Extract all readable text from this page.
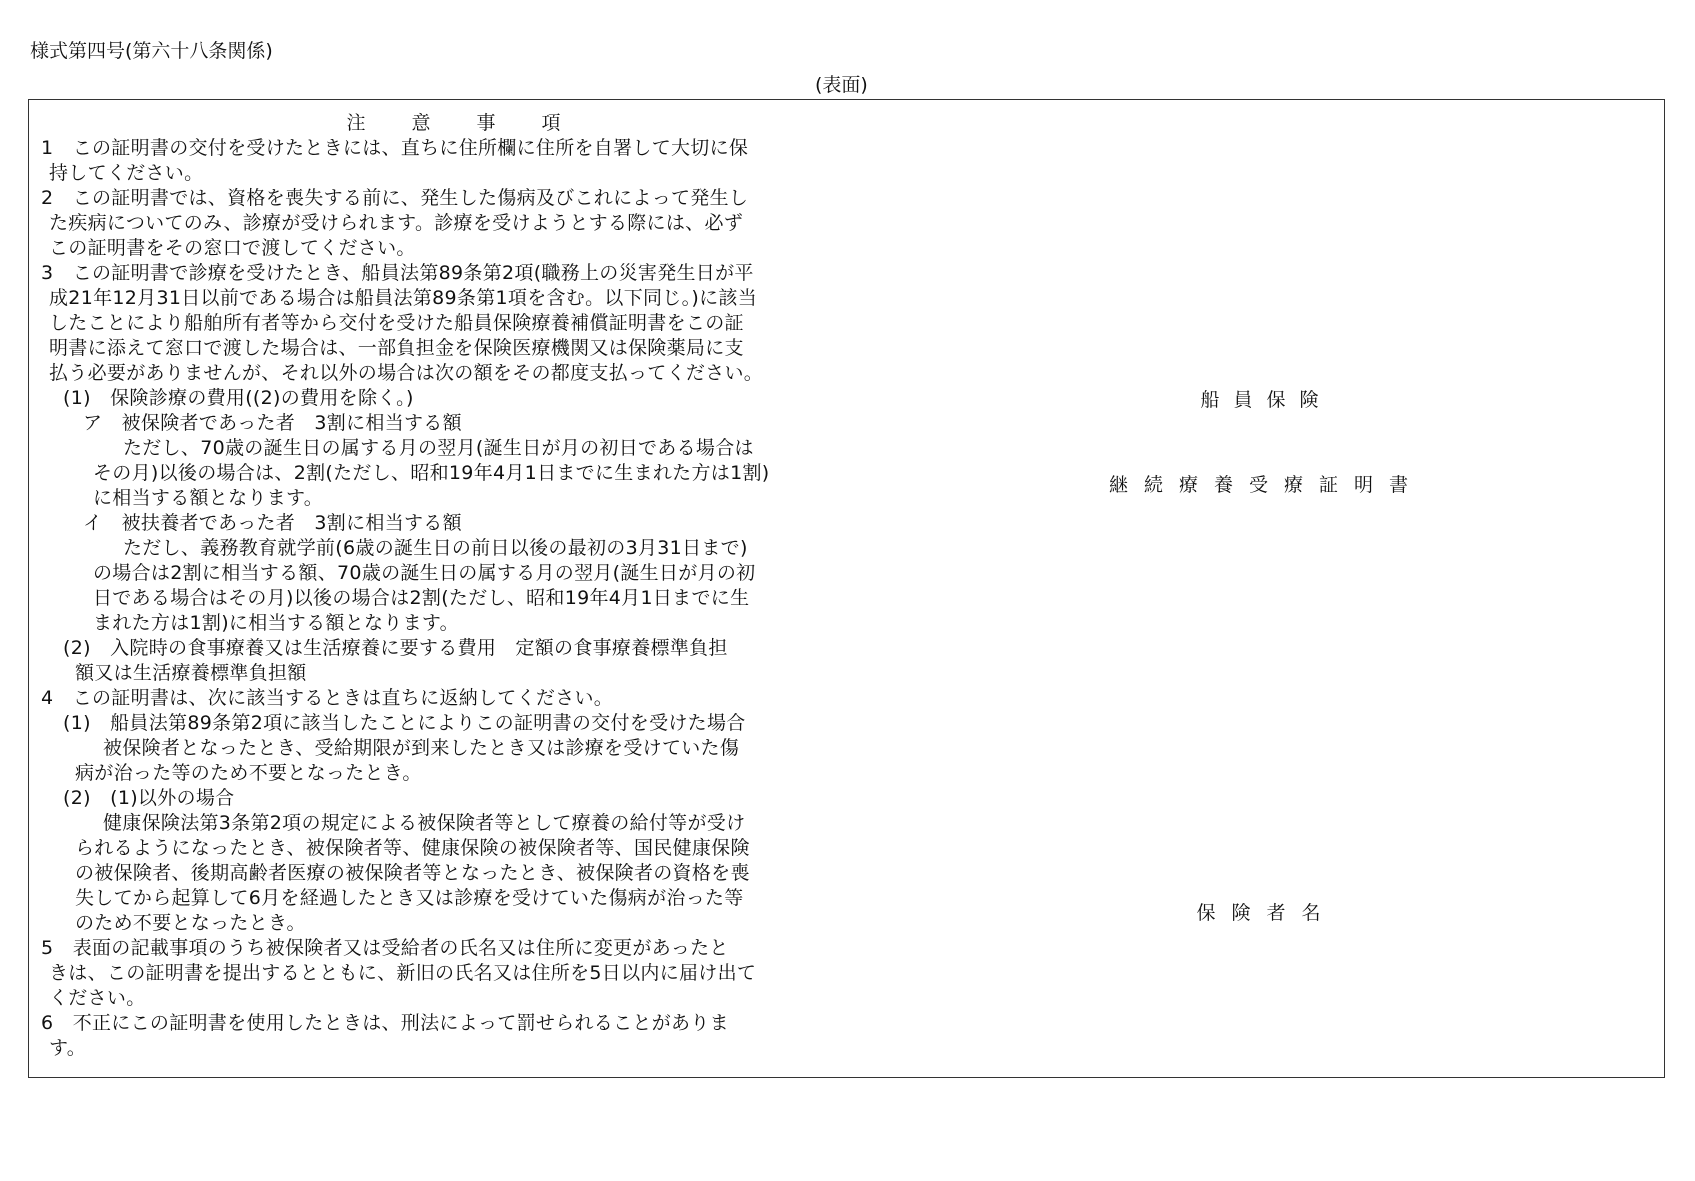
様式第四号(第六十八条関係)
(表面)
注 意 事 項
1　この証明書の交付を受けたときには、直ちに住所欄に住所を自署して大切に保
持してください。
2　この証明書では、資格を喪失する前に、発生した傷病及びこれによって発生し
た疾病についてのみ、診療が受けられます。診療を受けようとする際には、必ず
この証明書をその窓口で渡してください。
3　この証明書で診療を受けたとき、船員法第89条第2項(職務上の災害発生日が平
成21年12月31日以前である場合は船員法第89条第1項を含む。以下同じ。)に該当
したことにより船舶所有者等から交付を受けた船員保険療養補償証明書をこの証
明書に添えて窓口で渡した場合は、一部負担金を保険医療機関又は保険薬局に支
払う必要がありませんが、それ以外の場合は次の額をその都度支払ってください。
(1)　保険診療の費用((2)の費用を除く。)
ア　被保険者であった者　3割に相当する額
ただし、70歳の誕生日の属する月の翌月(誕生日が月の初日である場合は
その月)以後の場合は、2割(ただし、昭和19年4月1日までに生まれた方は1割)
に相当する額となります。
イ　被扶養者であった者　3割に相当する額
ただし、義務教育就学前(6歳の誕生日の前日以後の最初の3月31日まで)
の場合は2割に相当する額、70歳の誕生日の属する月の翌月(誕生日が月の初
日である場合はその月)以後の場合は2割(ただし、昭和19年4月1日までに生
まれた方は1割)に相当する額となります。
(2)　入院時の食事療養又は生活療養に要する費用　定額の食事療養標準負担
額又は生活療養標準負担額
4　この証明書は、次に該当するときは直ちに返納してください。
(1)　船員法第89条第2項に該当したことによりこの証明書の交付を受けた場合
被保険者となったとき、受給期限が到来したとき又は診療を受けていた傷
病が治った等のため不要となったとき。
(2)　(1)以外の場合
健康保険法第3条第2項の規定による被保険者等として療養の給付等が受け
られるようになったとき、被保険者等、健康保険の被保険者等、国民健康保険
の被保険者、後期高齢者医療の被保険者等となったとき、被保険者の資格を喪
失してから起算して6月を経過したとき又は診療を受けていた傷病が治った等
のため不要となったとき。
5　表面の記載事項のうち被保険者又は受給者の氏名又は住所に変更があったと
きは、この証明書を提出するとともに、新旧の氏名又は住所を5日以内に届け出て
ください。
6　不正にこの証明書を使用したときは、刑法によって罰せられることがありま
す。
船員保険
継続療養受療証明書
保険者名
